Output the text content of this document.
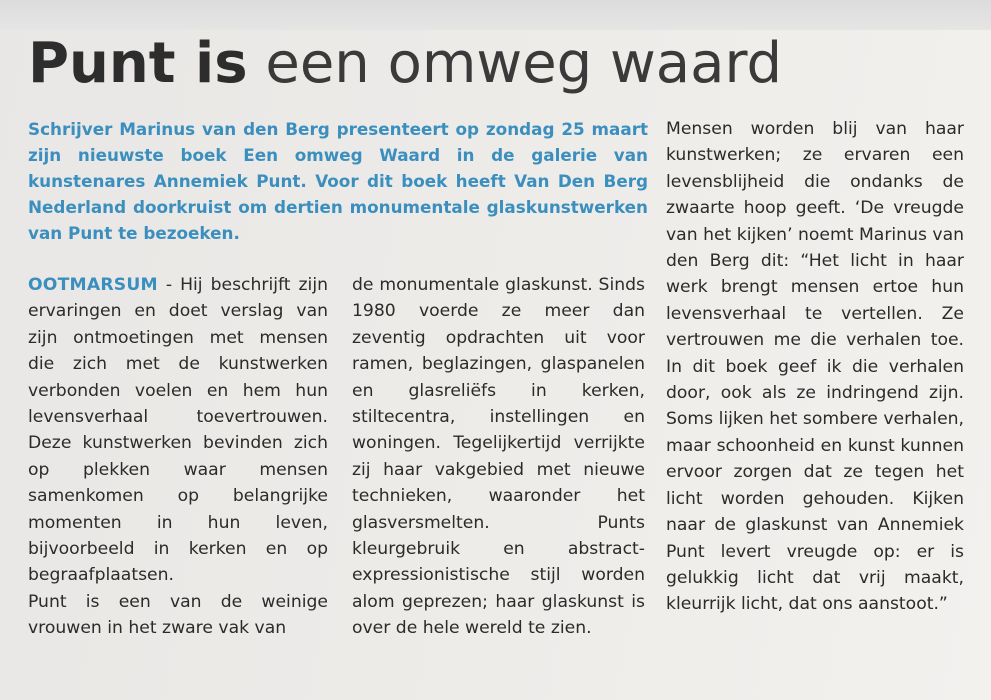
Punt is een omweg waard

Schrijver Marinus van den Berg presenteert op zondag 25 maart zijn nieuwste boek Een omweg Waard in de galerie van kunstenares Annemiek Punt. Voor dit boek heeft Van Den Berg Nederland doorkruist om dertien monumentale glaskunstwerken van Punt te bezoeken.

OOTMARSUM - Hij beschrijft zijn ervaringen en doet verslag van zijn ontmoetingen met mensen die zich met de kunstwerken verbonden voelen en hem hun levensverhaal toevertrouwen. Deze kunstwerken bevinden zich op plekken waar mensen samenkomen op belangrijke momenten in hun leven, bijvoorbeeld in kerken en op begraafplaatsen.

Punt is een van de weinige vrouwen in het zware vak van

de monumentale glaskunst. Sinds 1980 voerde ze meer dan zeventig opdrachten uit voor ramen, beglazingen, glaspanelen en glasreliëfs in kerken, stiltecentra, instellingen en woningen. Tegelijkertijd verrijkte zij haar vakgebied met nieuwe technieken, waaronder het glasversmelten. Punts kleurgebruik en abstract-expressionistische stijl worden alom geprezen; haar glaskunst is over de hele wereld te zien.

Mensen worden blij van haar kunstwerken; ze ervaren een levensblijheid die ondanks de zwaarte hoop geeft. ‘De vreugde van het kijken’ noemt Marinus van den Berg dit: “Het licht in haar werk brengt mensen ertoe hun levensverhaal te vertellen. Ze vertrouwen me die verhalen toe. In dit boek geef ik die verhalen door, ook als ze indringend zijn. Soms lijken het sombere verhalen, maar schoonheid en kunst kunnen ervoor zorgen dat ze tegen het licht worden gehouden. Kijken naar de glaskunst van Annemiek Punt levert vreugde op: er is gelukkig licht dat vrij maakt, kleurrijk licht, dat ons aanstoot.”
